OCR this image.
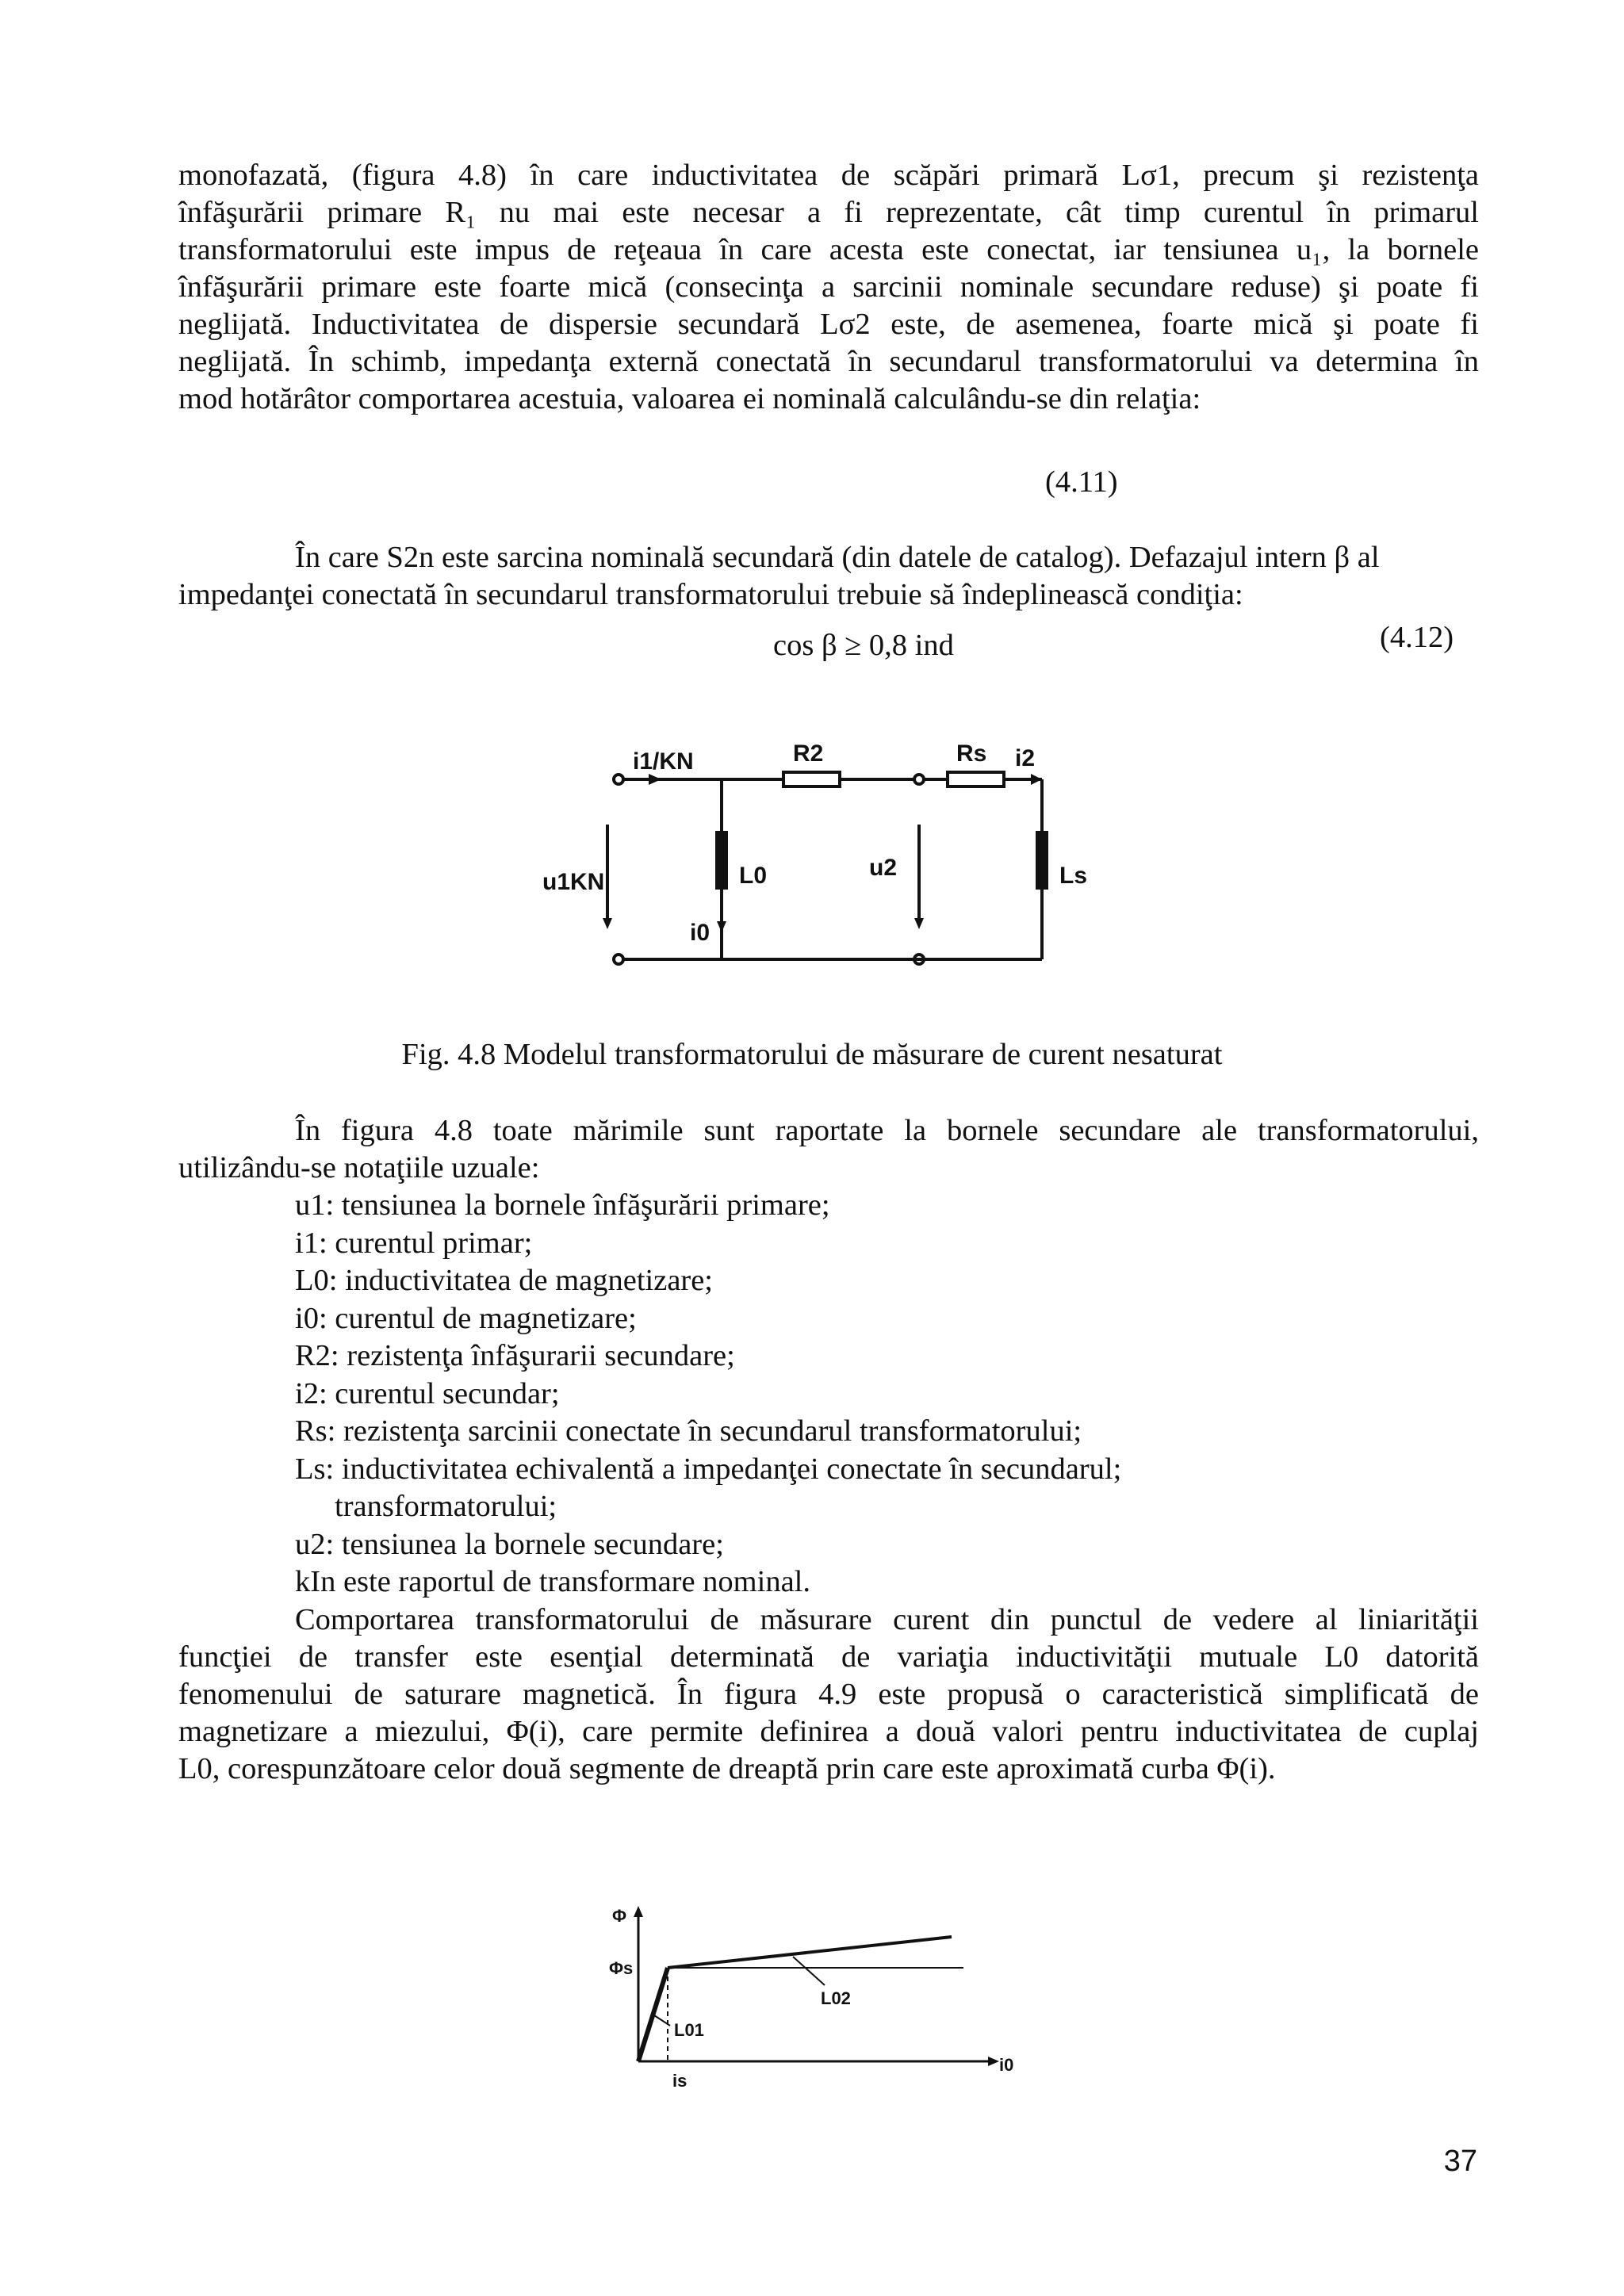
monofazată, (figura 4.8) în care inductivitatea de scăpări primară Lσ1, precum şi rezistenţa
înfăşurării primare R₁ nu mai este necesar a fi reprezentate, cât timp curentul în primarul
transformatorului este impus de reţeaua în care acesta este conectat, iar tensiunea u₁, la bornele
înfăşurării primare este foarte mică (consecinţa a sarcinii nominale secundare reduse) şi poate fi
neglijată. Inductivitatea de dispersie secundară Lσ2 este, de asemenea, foarte mică şi poate fi
neglijată. În schimb, impedanţa externă conectată în secundarul transformatorului va determina în
mod hotărâtor comportarea acestuia, valoarea ei nominală calculându-se din relaţia:
(4.11)
În care S2n este sarcina nominală secundară (din datele de catalog). Defazajul intern β al
impedanţei conectată în secundarul transformatorului trebuie să îndeplinească condiţia:
cos β ≥ 0,8 ind	(4.12)
i1/KN	R2	Rs i2
u1KN	L0	u2	Ls
i0
Fig. 4.8 Modelul transformatorului de măsurare de curent nesaturat
În figura 4.8 toate mărimile sunt raportate la bornele secundare ale transformatorului,
utilizându-se notaţiile uzuale:
u1: tensiunea la bornele înfăşurării primare;
i1: curentul primar;
L0: inductivitatea de magnetizare;
i0: curentul de magnetizare;
R2: rezistenţa înfăşurarii secundare;
i2: curentul secundar;
Rs: rezistenţa sarcinii conectate în secundarul transformatorului;
Ls: inductivitatea echivalentă a impedanţei conectate în secundarul;
transformatorului;
u2: tensiunea la bornele secundare;
kIn este raportul de transformare nominal.
Comportarea transformatorului de măsurare curent din punctul de vedere al liniarităţii
funcţiei de transfer este esenţial determinată de variaţia inductivităţii mutuale L0 datorită
fenomenului de saturare magnetică. În figura 4.9 este propusă o caracteristică simplificată de
magnetizare a miezului, Φ(i), care permite definirea a două valori pentru inductivitatea de cuplaj
L0, corespunzătoare celor două segmente de dreaptă prin care este aproximată curba Φ(i).
Φ
Φs
L01
L02
is
i0
37
